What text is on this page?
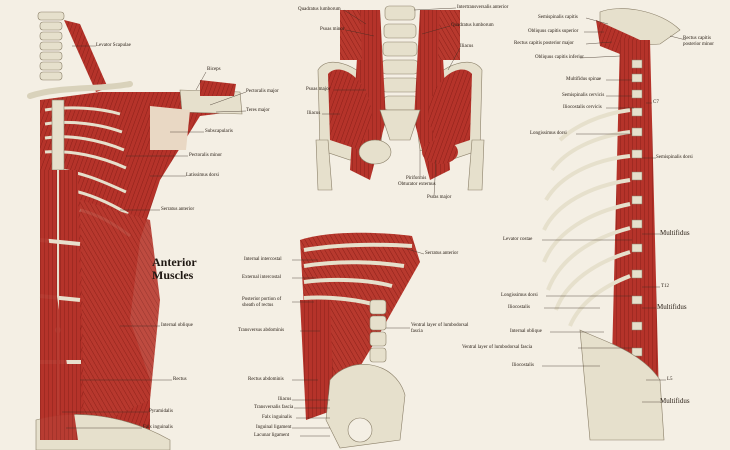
Anterior
Muscles
Levator Scapulae
Biceps
Pectoralis major
Teres major
Subscapularis
Pectoralis minor
Latissimus dorsi
Serratus anterior
Internal oblique
Rectus
Pyramidalis
Falx inguinalis
Quadratus lumborum	Intertransversalis anterior
Quadratus lumborum
Psoas minor
Iliacus
Psoas major
Iliacus
Piriformis
Obturator externus
Psoas major
Internal intercostal
External intercostal
Posterior portion of sheath of rectus
Transversus abdominis
Serratus anterior
Ventral layer of lumbodorsal fascia
Rectus abdominis
Iliacus
Transversalis fascia
Falx inguinalis
Inguinal ligament
Lacunar ligament
Semispinalis capitis
Obliquus capitis superior
Rectus capitis posterior major
Obliquus capitis inferior
Rectus capitis posterior minor
Multifidus spinae
Semispinalis cervicis
Iliocostalis cervicis
C7
Longissimus dorsi
Semispinalis dorsi
Levator costae
Multifidus
T12
Longissimus dorsi
Iliocostalis	Multifidus
Internal oblique
Ventral layer of lumbodorsal fascia
Iliocostalis
L5
Multifidus
